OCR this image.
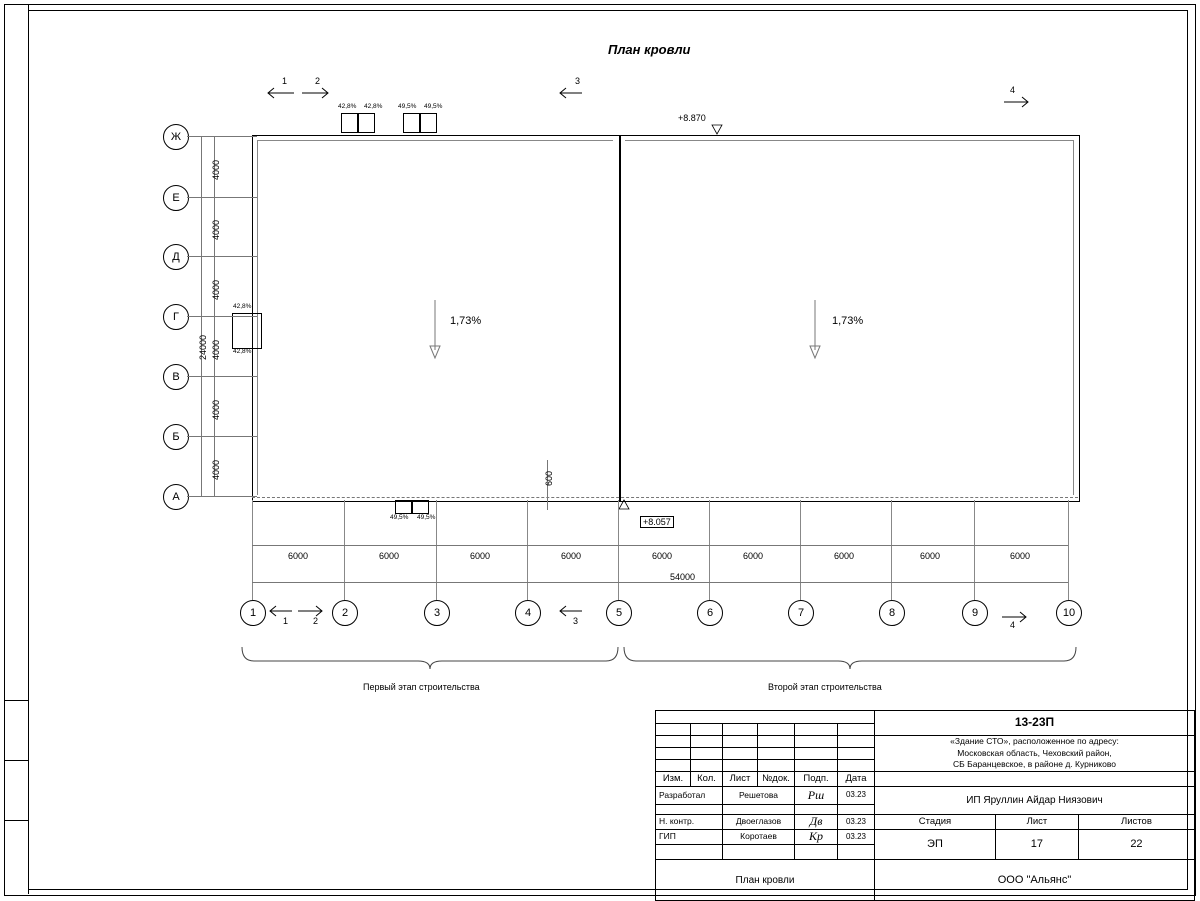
План кровли
1,73%	1,73%
+8.870
+8.057
42,8% 42,8% 49,5% 49,5%
49,5% 49,5%
42,8%
42,8%
600
Ж
Е
Д
Г
В
Б
А
4000
4000
4000
4000
4000
4000
24000
1	2	3	4	5	6	7	8	9	10
6000	6000	6000	6000	6000	6000	6000	6000	6000
54000
1	2	3
4
1	2	3	4
Первый этап строительства	Второй этап строительства
						13-23П		

						«Здание СТО», расположенное по адресу:
Московская область, Чеховский район,
СБ Баранцевское, в районе д. Курниково		

Изм.	Кол.	Лист	№док.	Подп.	Дата			
Разработал		Решетова		Рш	03.23	ИП Яруллин Айдар Ниязович		

Н. контр.		Двоеглазов		Дв	03.23	Стадия	Лист	Листов
ГИП		Коротаев		Кр	03.23	ЭП	17	22

План кровли						ООО "Альянс"		
